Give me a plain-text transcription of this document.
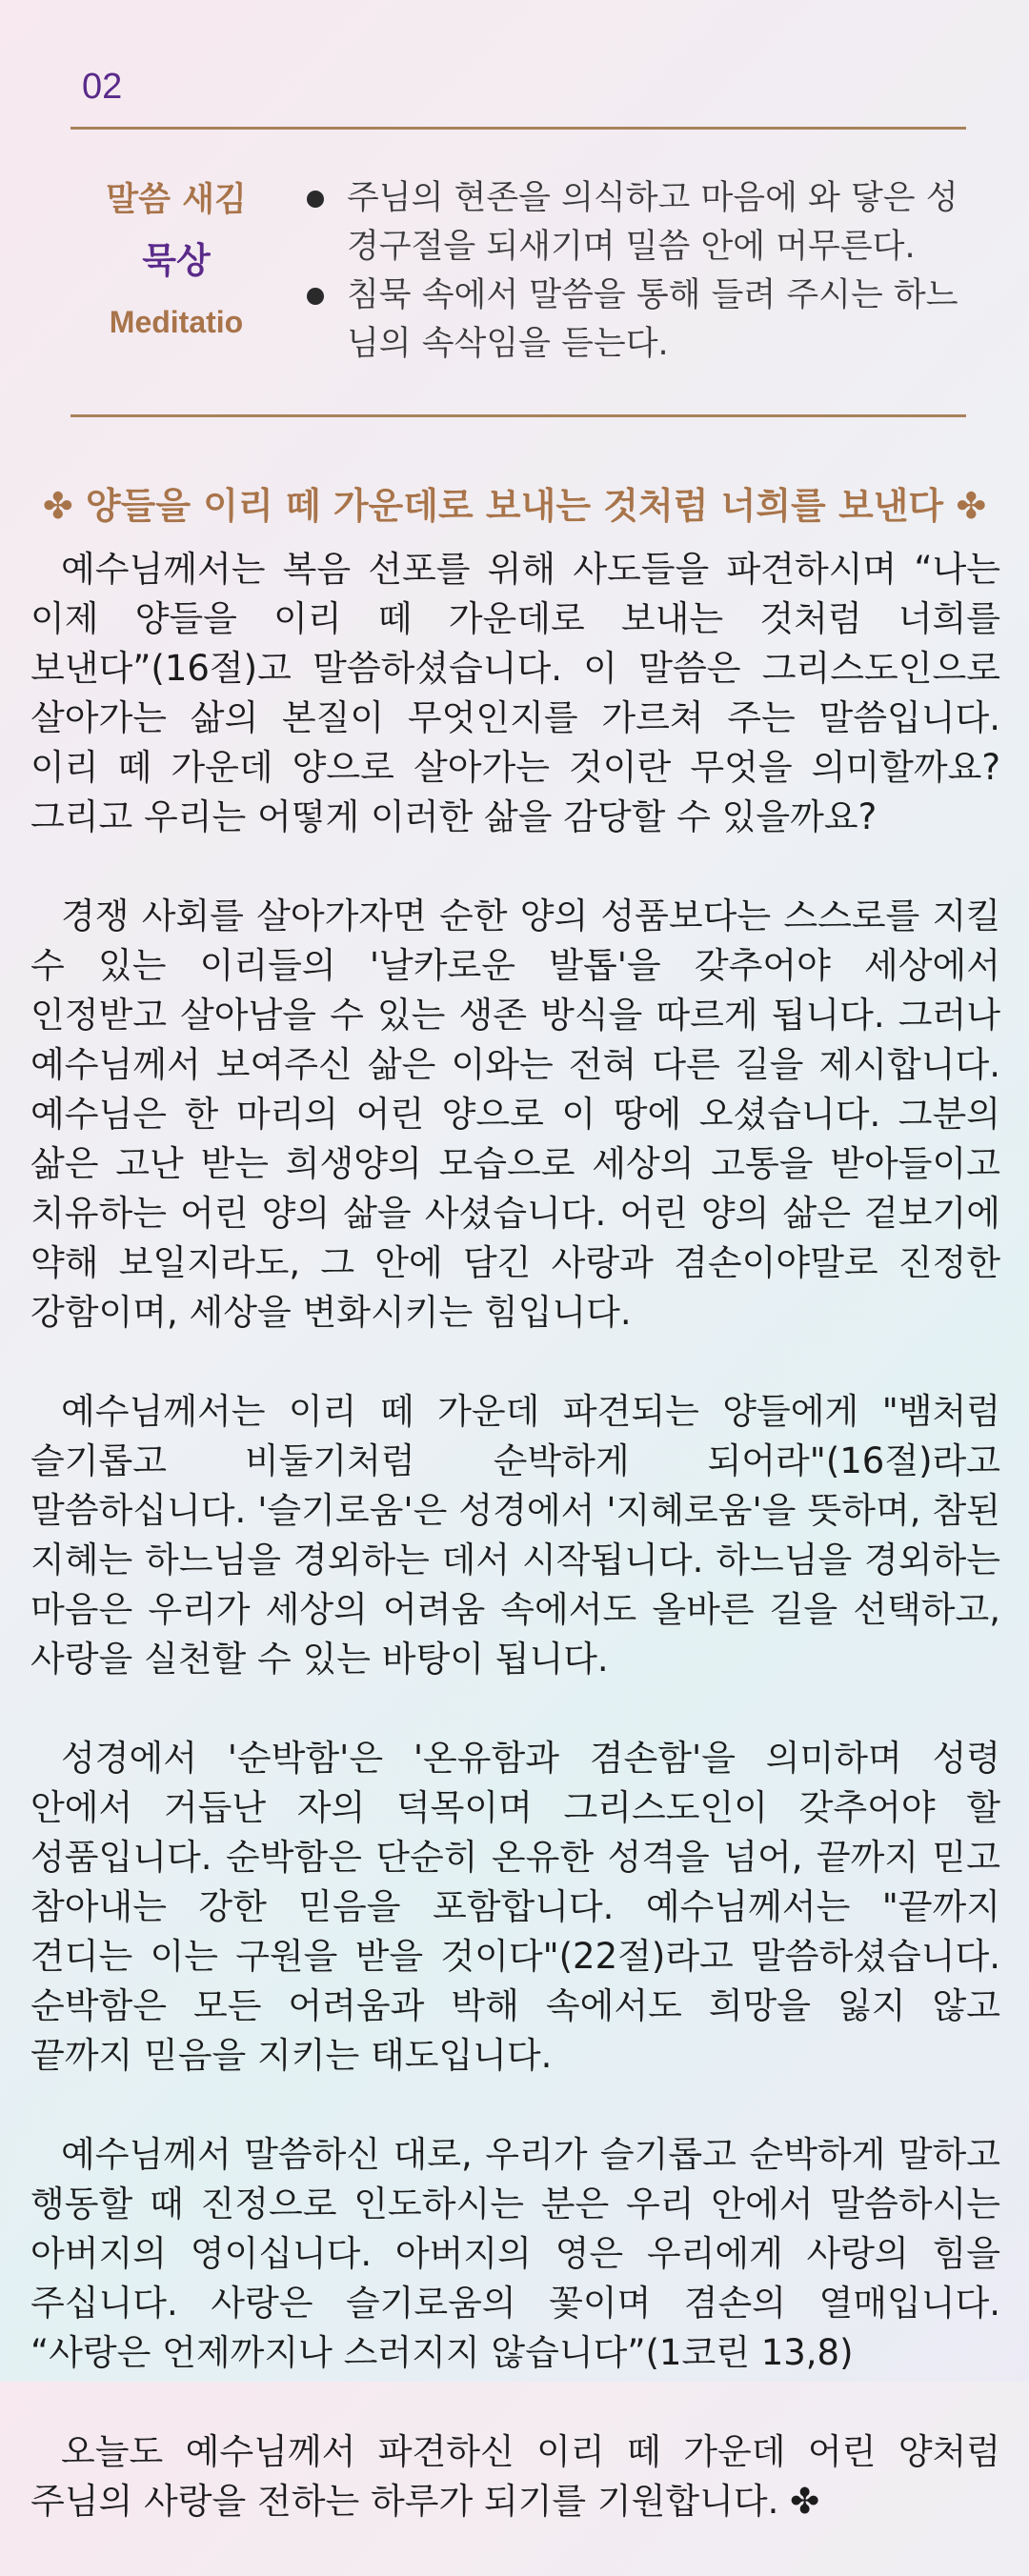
02
말씀 새김
묵상
Meditatio
주님의 현존을 의식하고 마음에 와 닿은 성경구절을 되새기며 밀씀 안에 머무른다.
침묵 속에서 말씀을 통해 들려 주시는 하느님의 속삭임을 듣는다.
✤ 양들을 이리 떼 가운데로 보내는 것처럼 너희를 보낸다 ✤

예수님께서는 복음 선포를 위해 사도들을 파견하시며 “나는 이제 양들을 이리 떼 가운데로 보내는 것처럼 너희를 보낸다”(16절)고 말씀하셨습니다. 이 말씀은 그리스도인으로 살아가는 삶의 본질이 무엇인지를 가르쳐 주는 말씀입니다. 이리 떼 가운데 양으로 살아가는 것이란 무엇을 의미할까요? 그리고 우리는 어떻게 이러한 삶을 감당할 수 있을까요?

경쟁 사회를 살아가자면 순한 양의 성품보다는 스스로를 지킬 수 있는 이리들의 '날카로운 발톱'을 갖추어야 세상에서 인정받고 살아남을 수 있는 생존 방식을 따르게 됩니다. 그러나 예수님께서 보여주신 삶은 이와는 전혀 다른 길을 제시합니다. 예수님은 한 마리의 어린 양으로 이 땅에 오셨습니다. 그분의 삶은 고난 받는 희생양의 모습으로 세상의 고통을 받아들이고 치유하는 어린 양의 삶을 사셨습니다. 어린 양의 삶은 겉보기에 약해 보일지라도, 그 안에 담긴 사랑과 겸손이야말로 진정한 강함이며, 세상을 변화시키는 힘입니다.

예수님께서는 이리 떼 가운데 파견되는 양들에게 "뱀처럼 슬기롭고 비둘기처럼 순박하게 되어라"(16절)라고 말씀하십니다. '슬기로움'은 성경에서 '지혜로움'을 뜻하며, 참된 지혜는 하느님을 경외하는 데서 시작됩니다. 하느님을 경외하는 마음은 우리가 세상의 어려움 속에서도 올바른 길을 선택하고, 사랑을 실천할 수 있는 바탕이 됩니다.

성경에서 '순박함'은 '온유함과 겸손함'을 의미하며 성령 안에서 거듭난 자의 덕목이며 그리스도인이 갖추어야 할 성품입니다. 순박함은 단순히 온유한 성격을 넘어, 끝까지 믿고 참아내는 강한 믿음을 포함합니다. 예수님께서는 "끝까지 견디는 이는 구원을 받을 것이다"(22절)라고 말씀하셨습니다. 순박함은 모든 어려움과 박해 속에서도 희망을 잃지 않고 끝까지 믿음을 지키는 태도입니다.

예수님께서 말씀하신 대로, 우리가 슬기롭고 순박하게 말하고 행동할 때 진정으로 인도하시는 분은 우리 안에서 말씀하시는 아버지의 영이십니다. 아버지의 영은 우리에게 사랑의 힘을 주십니다. 사랑은 슬기로움의 꽃이며 겸손의 열매입니다. “사랑은 언제까지나 스러지지 않습니다”(1코린 13,8)

오늘도 예수님께서 파견하신 이리 떼 가운데 어린 양처럼 주님의 사랑을 전하는 하루가 되기를 기원합니다. ✤
